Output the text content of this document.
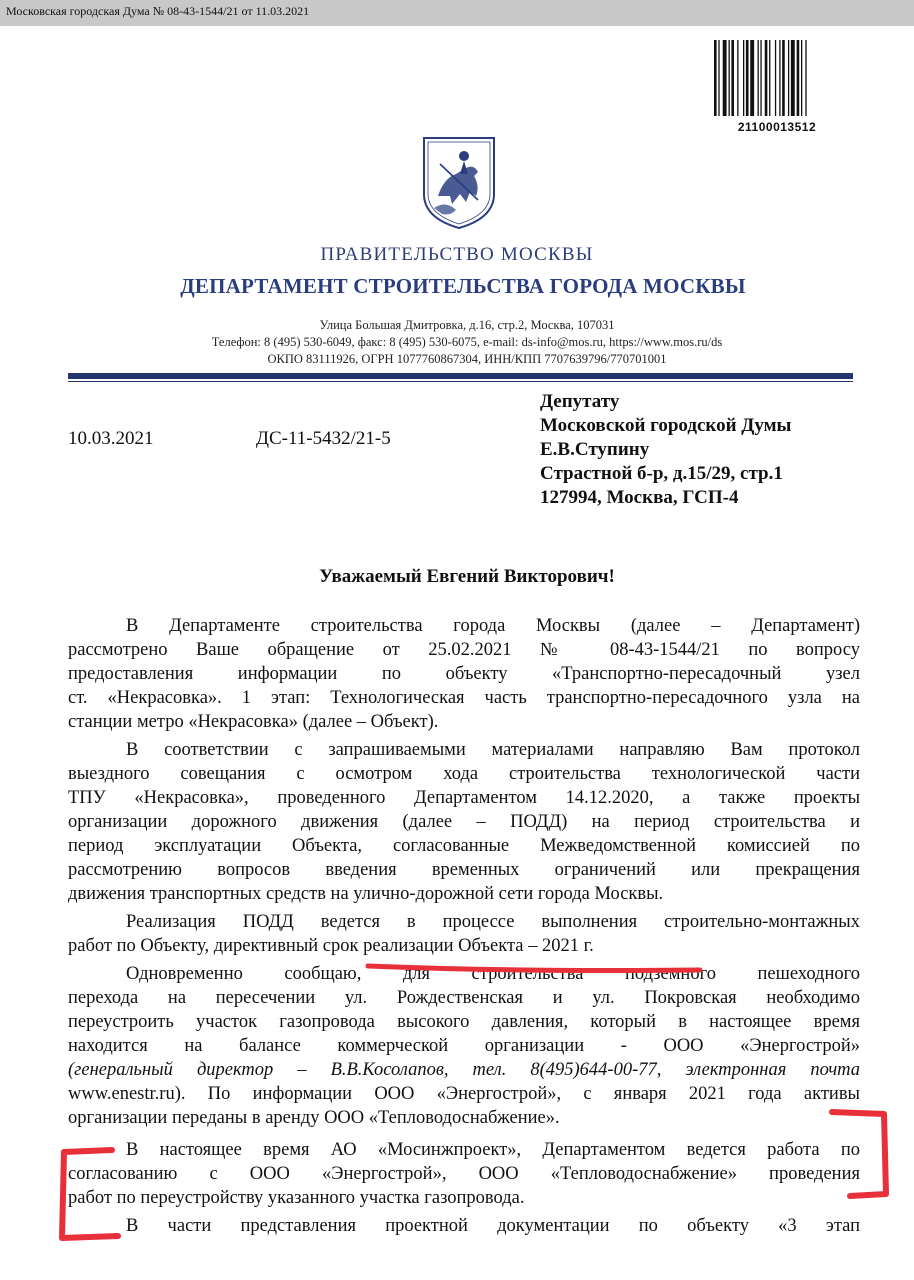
Московская городская Дума № 08-43-1544/21 от 11.03.2021
21100013512
ПРАВИТЕЛЬСТВО МОСКВЫ
ДЕПАРТАМЕНТ СТРОИТЕЛЬСТВА ГОРОДА МОСКВЫ
Улица Большая Дмитровка, д.16, стр.2, Москва, 107031
Телефон: 8 (495) 530-6049, факс: 8 (495) 530-6075, e-mail: ds-info@mos.ru, https://www.mos.ru/ds
ОКПО 83111926, ОГРН 1077760867304, ИНН/КПП 7707639796/770701001
10.03.2021	ДС-11-5432/21-5
Депутату
Московской городской Думы
Е.В.Ступину
Страстной б-р, д.15/29, стр.1
127994, Москва, ГСП-4
Уважаемый Евгений Викторович!
В Департаменте строительства города Москвы (далее – Департамент)
рассмотрено Ваше обращение от 25.02.2021 № 08-43-1544/21 по вопросу
предоставления информации по объекту «Транспортно-пересадочный узел
ст. «Некрасовка». 1 этап: Технологическая часть транспортно-пересадочного узла на
станции метро «Некрасовка» (далее – Объект).
В соответствии с запрашиваемыми материалами направляю Вам протокол
выездного совещания с осмотром хода строительства технологической части
ТПУ «Некрасовка», проведенного Департаментом 14.12.2020, а также проекты
организации дорожного движения (далее – ПОДД) на период строительства и
период эксплуатации Объекта, согласованные Межведомственной комиссией по
рассмотрению вопросов введения временных ограничений или прекращения
движения транспортных средств на улично-дорожной сети города Москвы.
Реализация ПОДД ведется в процессе выполнения строительно-монтажных
работ по Объекту, директивный срок реализации Объекта – 2021 г.
Одновременно сообщаю, для строительства подземного пешеходного
перехода на пересечении ул. Рождественская и ул. Покровская необходимо
переустроить участок газопровода высокого давления, который в настоящее время
находится на балансе коммерческой организации - ООО «Энергострой»
(генеральный директор – В.В.Косолапов, тел. 8(495)644-00-77, электронная почта
www.enestr.ru). По информации ООО «Энергострой», с января 2021 года активы
организации переданы в аренду ООО «Тепловодоснабжение».
В настоящее время АО «Мосинжпроект», Департаментом ведется работа по
согласованию с ООО «Энергострой», ООО «Тепловодоснабжение» проведения
работ по переустройству указанного участка газопровода.
В части представления проектной документации по объекту «3 этап
